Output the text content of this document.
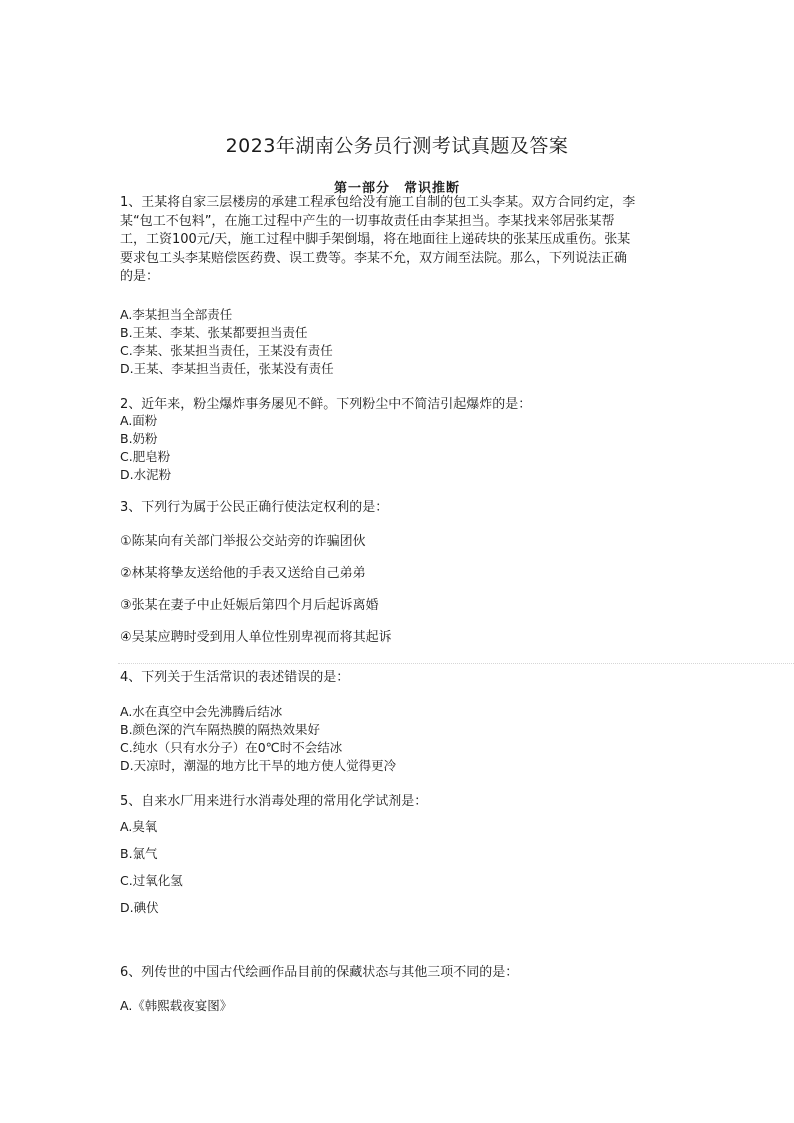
2023年湖南公务员行测考试真题及答案
第一部分　常识推断
1、王某将自家三层楼房的承建工程承包给没有施工自制的包工头李某。双方合同约定，李
某“包工不包料”，在施工过程中产生的一切事故责任由李某担当。李某找来邻居张某帮
工，工资100元/天，施工过程中脚手架倒塌，将在地面往上递砖块的张某压成重伤。张某
要求包工头李某赔偿医药费、误工费等。李某不允，双方闹至法院。那么，下列说法正确
的是：
A.李某担当全部责任
B.王某、李某、张某都要担当责任
C.李某、张某担当责任，王某没有责任
D.王某、李某担当责任，张某没有责任
2、近年来，粉尘爆炸事务屡见不鲜。下列粉尘中不简洁引起爆炸的是：
A.面粉
B.奶粉
C.肥皂粉
D.水泥粉
3、下列行为属于公民正确行使法定权利的是：
①陈某向有关部门举报公交站旁的诈骗团伙
②林某将挚友送给他的手表又送给自己弟弟
③张某在妻子中止妊娠后第四个月后起诉离婚
④吴某应聘时受到用人单位性别卑视而将其起诉
4、下列关于生活常识的表述错误的是：
A.水在真空中会先沸腾后结冰
B.颜色深的汽车隔热膜的隔热效果好
C.纯水（只有水分子）在0℃时不会结冰
D.天凉时，潮湿的地方比干旱的地方使人觉得更冷
5、自来水厂用来进行水消毒处理的常用化学试剂是：
A.臭氧
B.氯气
C.过氧化氢
D.碘伏
6、列传世的中国古代绘画作品目前的保藏状态与其他三项不同的是：
A.《韩熙载夜宴图》
